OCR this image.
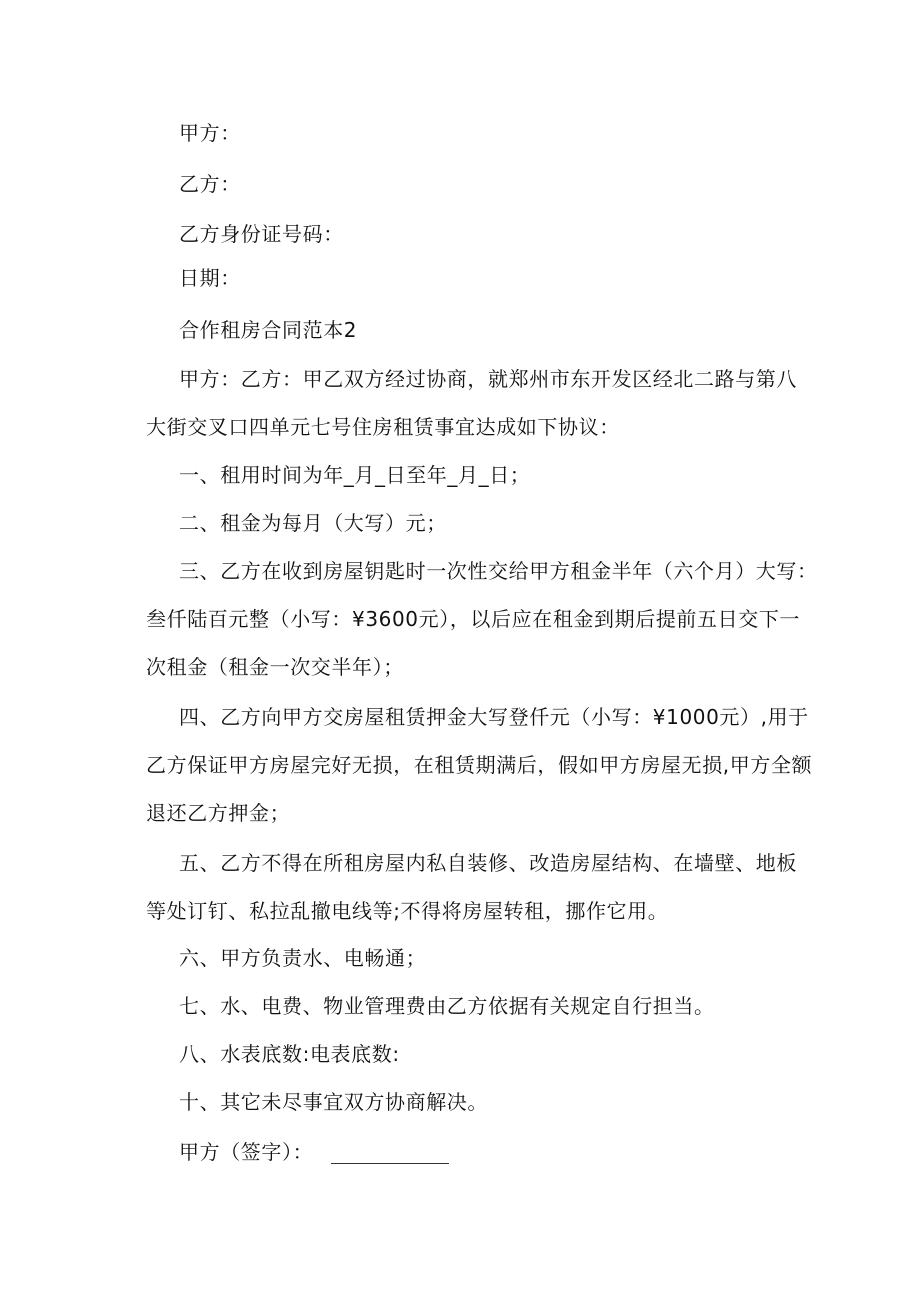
甲方：
乙方：
乙方身份证号码：
日期：
合作租房合同范本2
甲方：乙方：甲乙双方经过协商，就郑州市东开发区经北二路与第八
大街交叉口四单元七号住房租赁事宜达成如下协议：
一、租用时间为年_月_日至年_月_日；
二、租金为每月（大写）元；
三、乙方在收到房屋钥匙时一次性交给甲方租金半年（六个月）大写：
叁仟陆百元整（小写：¥3600元），以后应在租金到期后提前五日交下一
次租金（租金一次交半年）；
四、乙方向甲方交房屋租赁押金大写登仟元（小写：¥1000元）,用于
乙方保证甲方房屋完好无损，在租赁期满后，假如甲方房屋无损,甲方全额
退还乙方押金；
五、乙方不得在所租房屋内私自装修、改造房屋结构、在墙壁、地板
等处订钉、私拉乱撤电线等;不得将房屋转租，挪作它用。
六、甲方负责水、电畅通；
七、水、电费、物业管理费由乙方依据有关规定自行担当。
八、水表底数:电表底数:
十、其它未尽事宜双方协商解决。
甲方（签字）：
